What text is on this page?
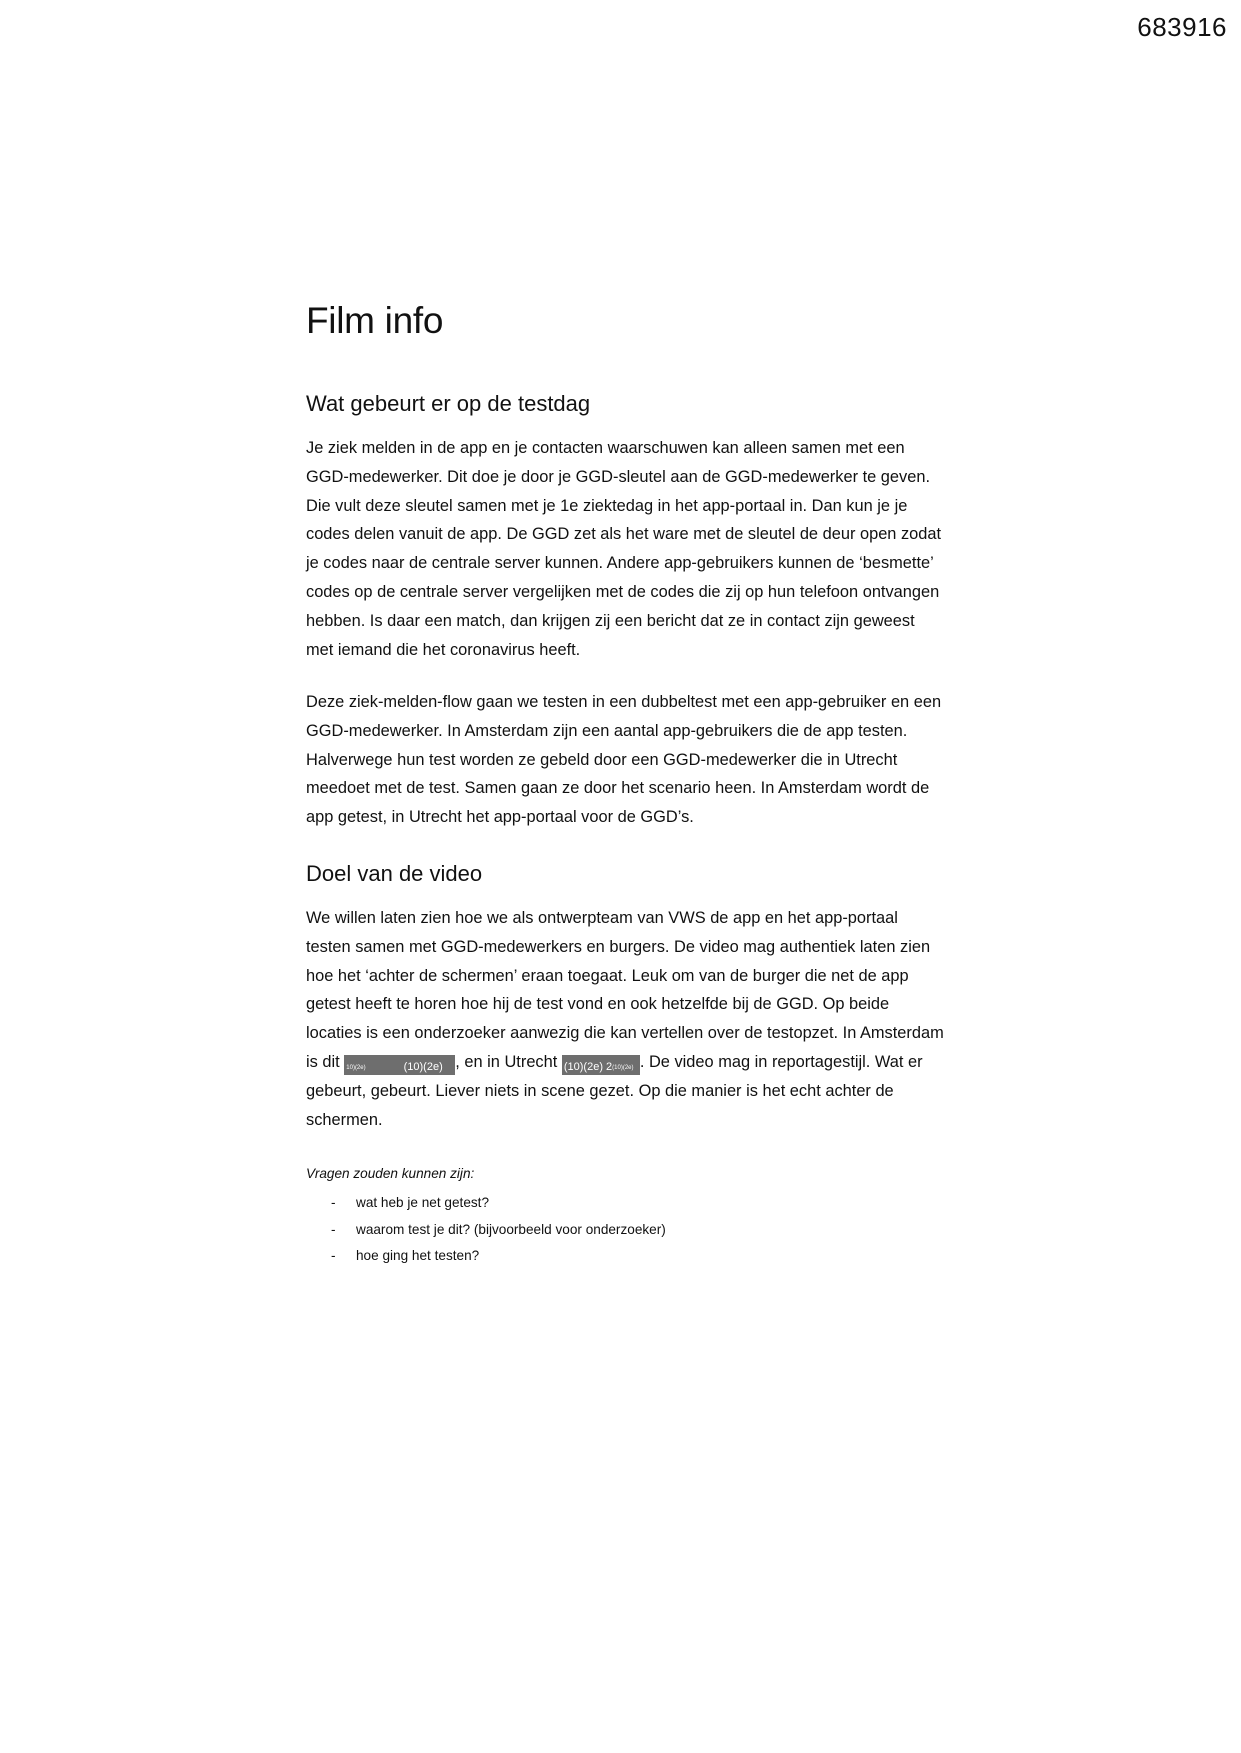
683916
Film info
Wat gebeurt er op de testdag

Je ziek melden in de app en je contacten waarschuwen kan alleen samen met een GGD-medewerker. Dit doe je door je GGD-sleutel aan de GGD-medewerker te geven. Die vult deze sleutel samen met je 1e ziektedag in het app-portaal in. Dan kun je je codes delen vanuit de app. De GGD zet als het ware met de sleutel de deur open zodat je codes naar de centrale server kunnen. Andere app-gebruikers kunnen de ‘besmette’ codes op de centrale server vergelijken met de codes die zij op hun telefoon ontvangen hebben. Is daar een match, dan krijgen zij een bericht dat ze in contact zijn geweest met iemand die het coronavirus heeft.

Deze ziek-melden-flow gaan we testen in een dubbeltest met een app-gebruiker en een GGD-medewerker. In Amsterdam zijn een aantal app-gebruikers die de app testen. Halverwege hun test worden ze gebeld door een GGD-medewerker die in Utrecht meedoet met de test. Samen gaan ze door het scenario heen. In Amsterdam wordt de app getest, in Utrecht het app-portaal voor de GGD’s.

Doel van de video

We willen laten zien hoe we als ontwerpteam van VWS de app en het app-portaal testen samen met GGD-medewerkers en burgers. De video mag authentiek laten zien hoe het ‘achter de schermen’ eraan toegaat. Leuk om van de burger die net de app getest heeft te horen hoe hij de test vond en ook hetzelfde bij de GGD. Op beide locaties is een onderzoeker aanwezig die kan vertellen over de testopzet. In Amsterdam is dit 10)(2e)	(10)(2e) , en in Utrecht (10)(2e) 2(10)(2e) . De video mag in reportagestijl. Wat er gebeurt, gebeurt. Liever niets in scene gezet. Op die manier is het echt achter de schermen.

Vragen zouden kunnen zijn:

- wat heb je net getest?
- waarom test je dit? (bijvoorbeeld voor onderzoeker)
- hoe ging het testen?
